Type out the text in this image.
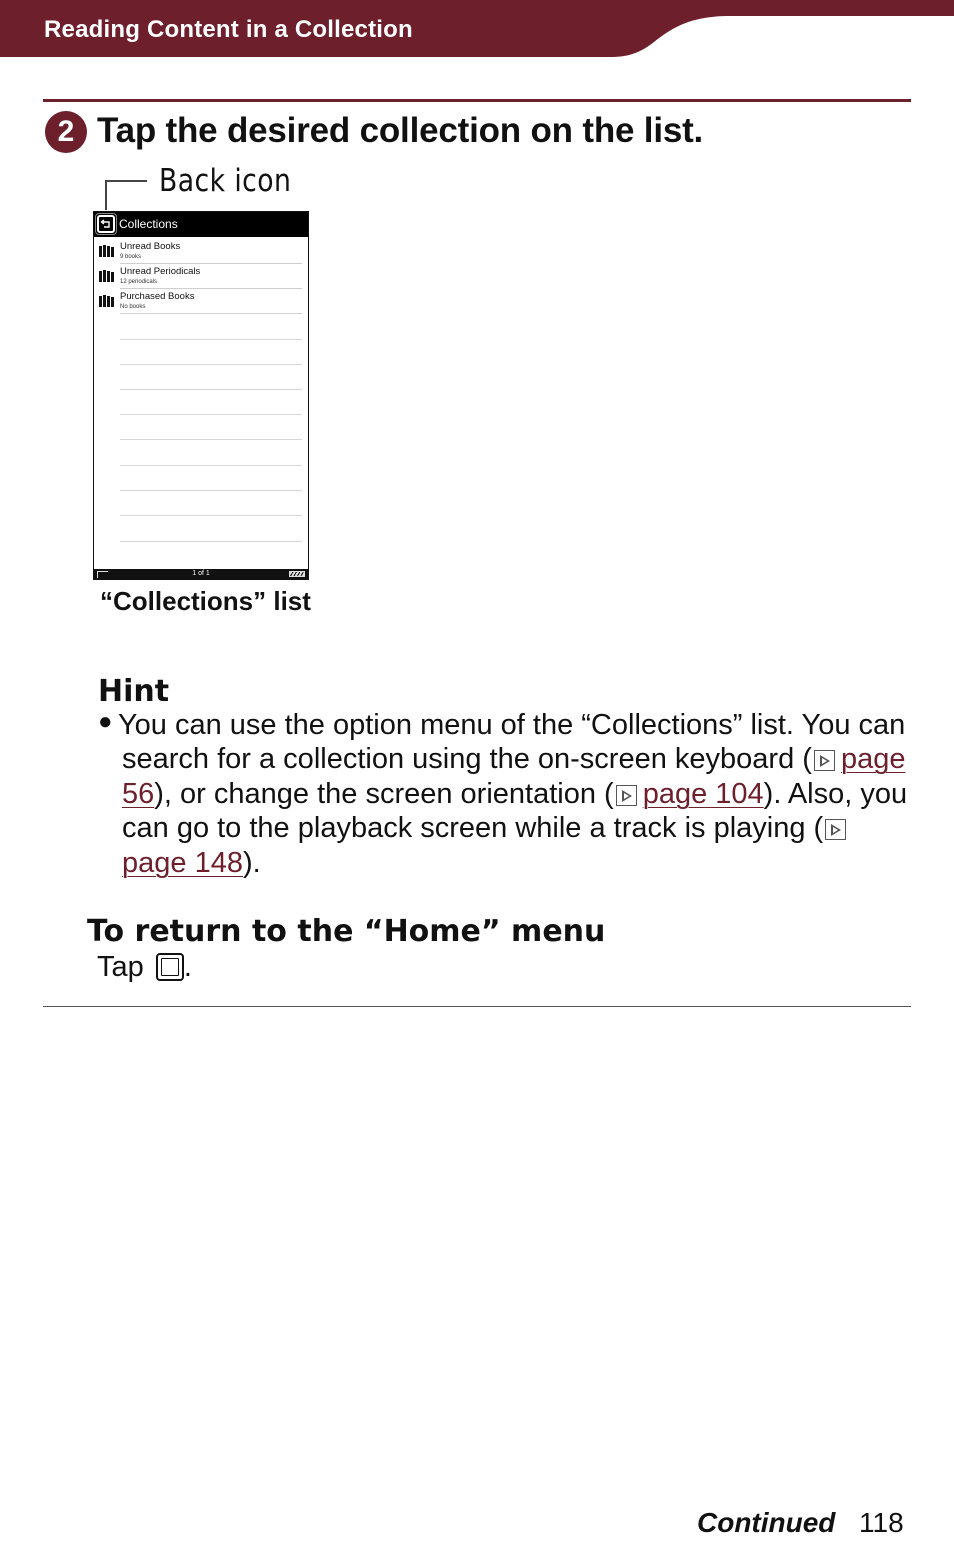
Reading Content in a Collection
2 Tap the desired collection on the list.
Back icon
Collections
Unread Books
9 books
Unread Periodicals
12 periodicals
Purchased Books
No books
1 of 1
“Collections” list
Hint
● You can use the option menu of the “Collections” list. You can search for a collection using the on-screen keyboard ( page 56), or change the screen orientation ( page 104). Also, you can go to the playback screen while a track is playing (page 148).

To return to the “Home” menu
Tap .
Continued 118
